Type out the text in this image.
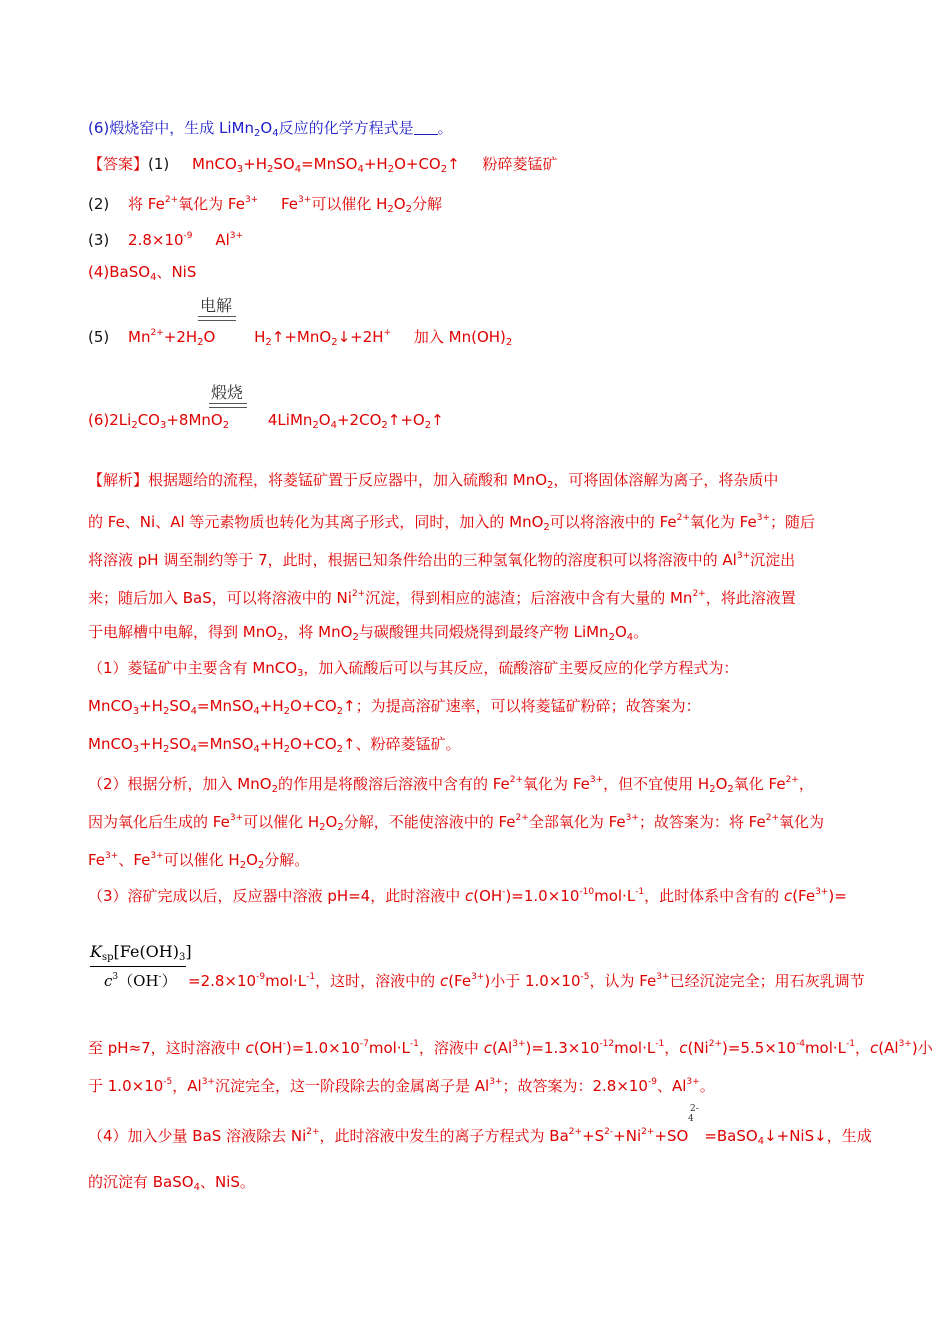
(6)煅烧窑中，生成 $LiMn_2O_4$反应的化学方程式是 。
【答案】(1) $MnCO_3+H_2SO_4=MnSO_4+H_2O+CO_2↑$ 粉碎菱锰矿
(2) 将 $Fe^{2+}$氧化为 $Fe^{3+}$ $Fe^{3+}$可以催化 $H_2O_2$分解
(3) $2.8\times 10^{-9}$ $Al^{3+}$
(4)BaSO$_4$、NiS
电解
(5) $Mn^{2+}+2H_2O$	$H_2↑+MnO_2↓+2H^+$ 加入 $Mn(OH)_2$
煅烧
$(6)2Li_2CO_3+8MnO_2$	$4LiMn_2O_4+2CO_2↑+O_2↑$
【解析】根据题给的流程，将菱锰矿置于反应器中，加入硫酸和 MnO$_2$，可将固体溶解为离子，将杂质中
的 Fe、Ni、Al 等元素物质也转化为其离子形式，同时，加入的 MnO$_2$可以将溶液中的 $Fe^{2+}$氧化为 $Fe^{3+}$；随后
将溶液 pH 调至制约等于 7，此时，根据已知条件给出的三种氢氧化物的溶度积可以将溶液中的 $Al^{3+}$沉淀出
来；随后加入 BaS，可以将溶液中的 $Ni^{2+}$沉淀，得到相应的滤渣；后溶液中含有大量的 $Mn^{2+}$，将此溶液置
于电解槽中电解，得到 MnO$_2$，将 MnO$_2$与碳酸锂共同煅烧得到最终产物 $LiMn_2O_4$。
（1）菱锰矿中主要含有 MnCO$_3$，加入硫酸后可以与其反应，硫酸溶矿主要反应的化学方程式为：
$MnCO_3+H_2SO_4=MnSO_4+H_2O+CO_2↑$；为提高溶矿速率，可以将菱锰矿粉碎；故答案为：
$MnCO_3+H_2SO_4=MnSO_4+H_2O+CO_2↑$、粉碎菱锰矿。
（2）根据分析，加入 MnO$_2$的作用是将酸溶后溶液中含有的 $Fe^{2+}$氧化为 $Fe^{3+}$，但不宜使用 $H_2O_2$氧化 $Fe^{2+}$，
因为氧化后生成的 $Fe^{3+}$可以催化 $H_2O_2$分解，不能使溶液中的 $Fe^{2+}$全部氧化为 $Fe^{3+}$；故答案为：将 $Fe^{2+}$氧化为
$Fe^{3+}$、$Fe^{3+}$可以催化 $H_2O_2$分解。
（3）溶矿完成以后，反应器中溶液 pH=4，此时溶液中 $c(OH^-)=1.0\times 10^{-10}mol\cdot L^{-1}$，此时体系中含有的 $c(Fe^{3+})=$
$K_{sp}[Fe(OH)_3]$
$c^3(OH^-) =2.8\times 10^{-9}mol\cdot L^{-1}$，这时，溶液中的 $c(Fe^{3+})$小于 $1.0\times 10^{-5}$，认为 $Fe^{3+}$已经沉淀完全；用石灰乳调节
至 pH≈7，这时溶液中 $c(OH^-)=1.0\times 10^{-7}mol\cdot L^{-1}$，溶液中 $c(Al^{3+})=1.3\times 10^{-12}mol\cdot L^{-1}$，$c(Ni^{2+})=5.5\times 10^{-4}mol\cdot L^{-1}$，$c(Al^{3+})$小
于 $1.0\times 10^{-5}$，$Al^{3+}$沉淀完全，这一阶段除去的金属离子是 $Al^{3+}$；故答案为：$2.8\times 10^{-9}$、$Al^{3+}$。
2-
4
（4）加入少量 BaS 溶液除去 $Ni^{2+}$，此时溶液中发生的离子方程式为 $Ba^{2+}+S^{2-}+Ni^{2+}+SO$ =BaSO$_4$↓+NiS↓，生成
的沉淀有 BaSO$_4$、NiS。
